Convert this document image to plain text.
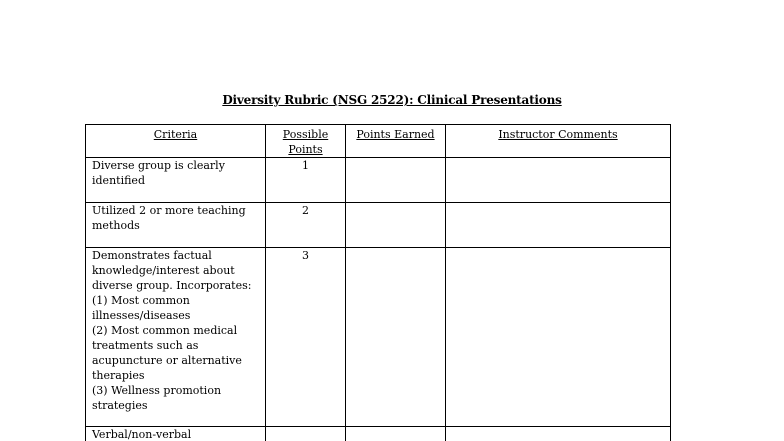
Diversity Rubric (NSG 2522): Clinical Presentations
Criteria	Possible Points	Points Earned	Instructor Comments

Diverse group is clearly identified	1		

Utilized 2 or more teaching methods	2		

Demonstrates factual knowledge/interest about diverse group. Incorporates:
(1) Most common illnesses/diseases
(2) Most common medical treatments such as acupuncture or alternative therapies
(3) Wellness promotion strategies	3		

Verbal/non-verbal			
